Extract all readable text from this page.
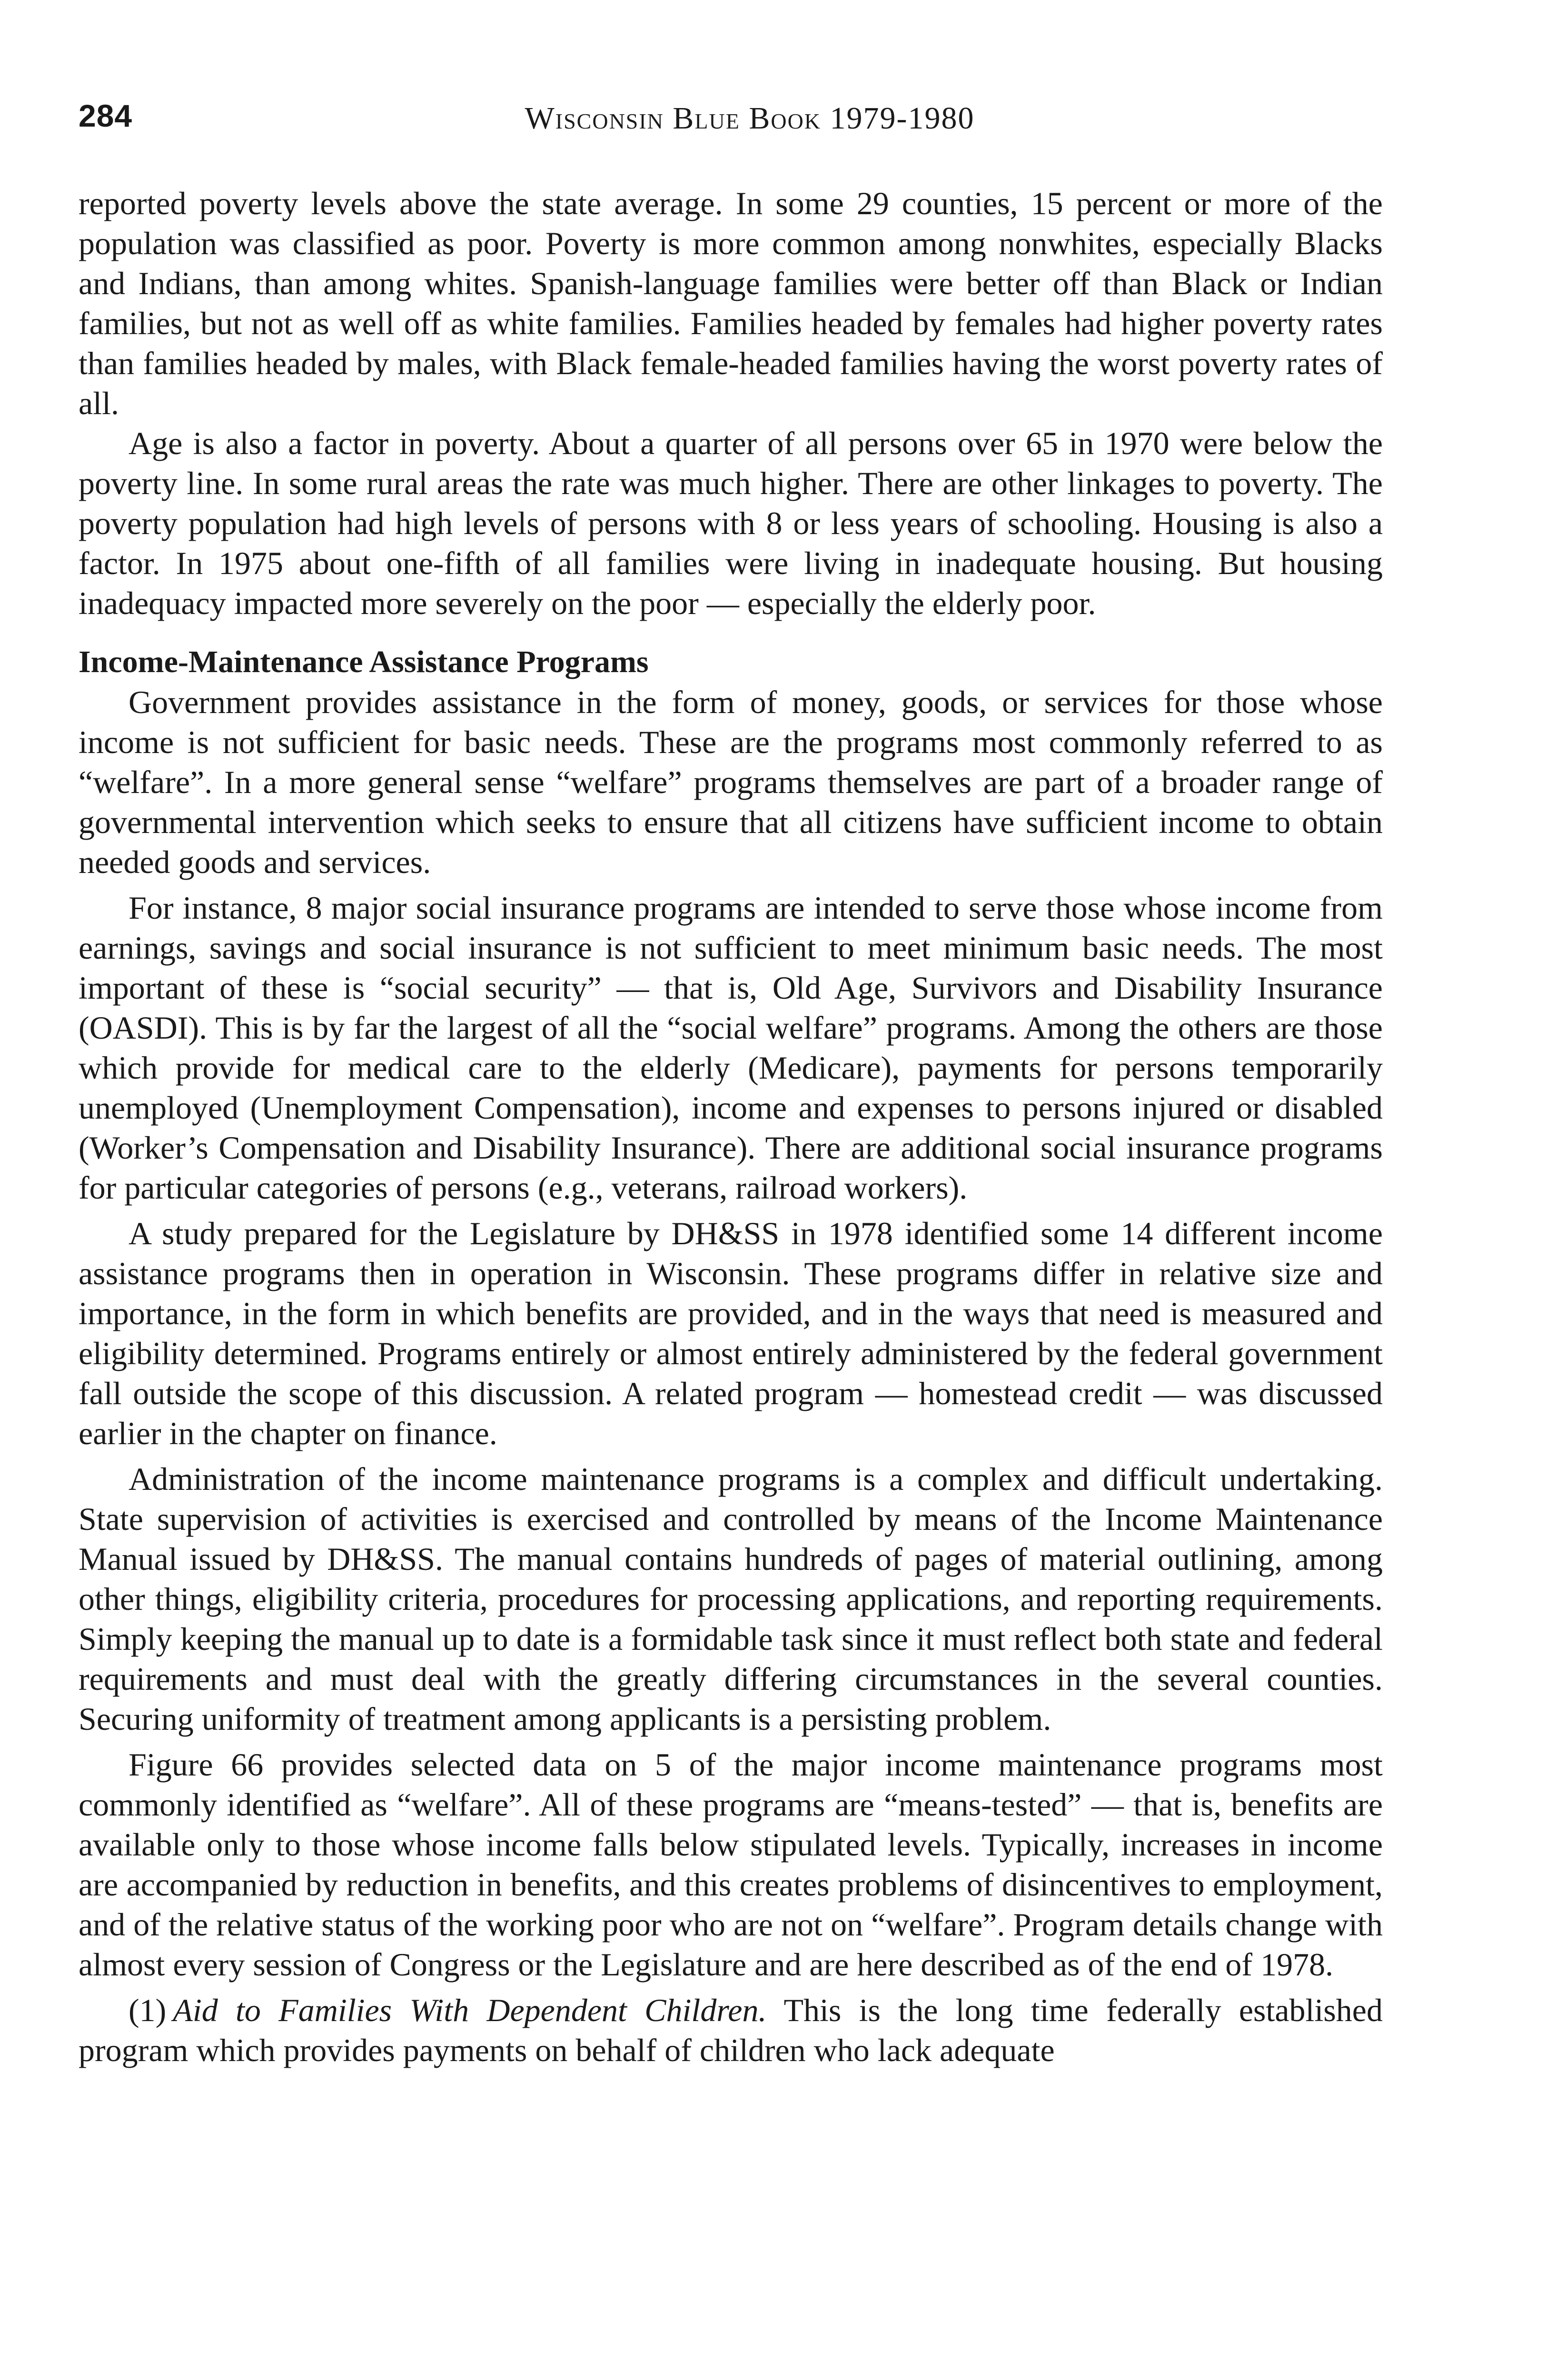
284	Wisconsin Blue Book 1979-1980

reported poverty levels above the state average. In some 29 counties, 15 percent or more of the population was classified as poor. Poverty is more common among nonwhites, especially Blacks and Indians, than among whites. Spanish-language families were better off than Black or Indian families, but not as well off as white families. Families headed by females had higher poverty rates than families headed by males, with Black female-headed families having the worst poverty rates of all.

Age is also a factor in poverty. About a quarter of all persons over 65 in 1970 were below the poverty line. In some rural areas the rate was much higher. There are other linkages to poverty. The poverty population had high levels of persons with 8 or less years of schooling. Housing is also a factor. In 1975 about one-fifth of all families were living in inadequate housing. But housing inadequacy impacted more severely on the poor — especially the elderly poor.

Income-Maintenance Assistance Programs

Government provides assistance in the form of money, goods, or services for those whose income is not sufficient for basic needs. These are the programs most commonly referred to as “welfare”. In a more general sense “welfare” programs themselves are part of a broader range of governmental intervention which seeks to ensure that all citizens have sufficient income to obtain needed goods and services.

For instance, 8 major social insurance programs are intended to serve those whose income from earnings, savings and social insurance is not sufficient to meet minimum basic needs. The most important of these is “social security” — that is, Old Age, Survivors and Disability Insurance (OASDI). This is by far the largest of all the “social welfare” programs. Among the others are those which provide for medical care to the elderly (Medicare), payments for persons temporarily unemployed (Unemployment Compensation), income and expenses to persons injured or disabled (Worker’s Compensation and Disability Insurance). There are additional social insurance programs for particular categories of persons (e.g., veterans, railroad workers).

A study prepared for the Legislature by DH&SS in 1978 identified some 14 different income assistance programs then in operation in Wisconsin. These programs differ in relative size and importance, in the form in which benefits are provided, and in the ways that need is measured and eligibility determined. Programs entirely or almost entirely administered by the federal government fall outside the scope of this discussion. A related program — homestead credit — was discussed earlier in the chapter on finance.

Administration of the income maintenance programs is a complex and difficult undertaking. State supervision of activities is exercised and controlled by means of the Income Maintenance Manual issued by DH&SS. The manual contains hundreds of pages of material outlining, among other things, eligibility criteria, procedures for processing applications, and reporting requirements. Simply keeping the manual up to date is a formidable task since it must reflect both state and federal requirements and must deal with the greatly differing circumstances in the several counties. Securing uniformity of treatment among applicants is a persisting problem.

Figure 66 provides selected data on 5 of the major income maintenance programs most commonly identified as “welfare”. All of these programs are “means-tested” — that is, benefits are available only to those whose income falls below stipulated levels. Typically, increases in income are accompanied by reduction in benefits, and this creates problems of disincentives to employment, and of the relative status of the working poor who are not on “welfare”. Program details change with almost every session of Congress or the Legislature and are here described as of the end of 1978.

(1) Aid to Families With Dependent Children. This is the long time federally established program which provides payments on behalf of children who lack adequate
